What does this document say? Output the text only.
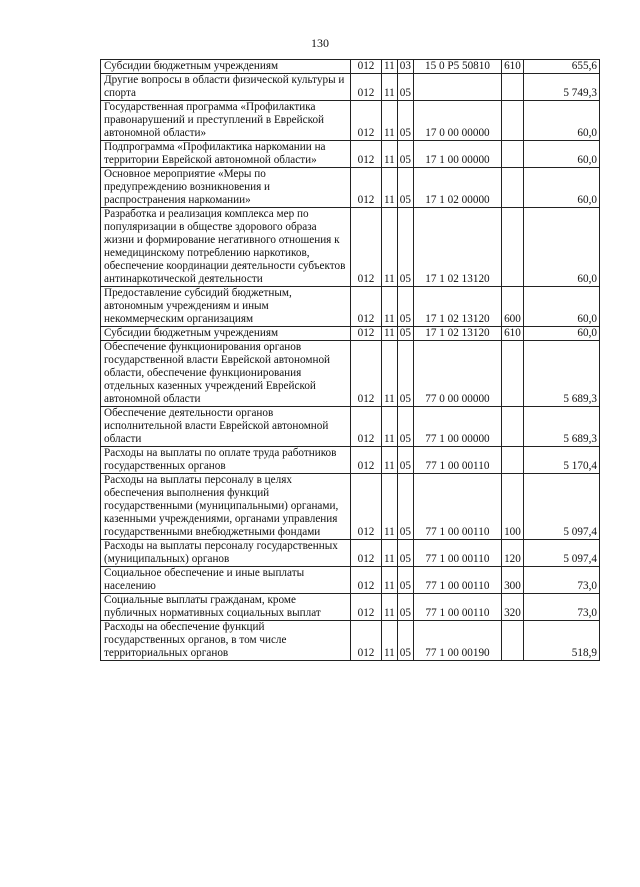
130
Субсидии бюджетным учреждениям	012	11	03	15 0 P5 50810	610	655,6
Другие вопросы в области физической культуры и спорта	012	11	05			5 749,3
Государственная программа «Профилактика правонарушений и преступлений в Еврейской автономной области»	012	11	05	17 0 00 00000		60,0
Подпрограмма «Профилактика наркомании на территории Еврейской автономной области»	012	11	05	17 1 00 00000		60,0
Основное мероприятие «Меры по предупреждению возникновения и распространения наркомании»	012	11	05	17 1 02 00000		60,0
Разработка и реализация комплекса мер по популяризации в обществе здорового образа жизни и формирование негативного отношения к немедицинскому потреблению наркотиков, обеспечение координации деятельности субъектов антинаркотической деятельности	012	11	05	17 1 02 13120		60,0
Предоставление субсидий бюджетным, автономным учреждениям и иным некоммерческим организациям	012	11	05	17 1 02 13120	600	60,0
Субсидии бюджетным учреждениям	012	11	05	17 1 02 13120	610	60,0
Обеспечение функционирования органов государственной власти Еврейской автономной области, обеспечение функционирования отдельных казенных учреждений Еврейской автономной области	012	11	05	77 0 00 00000		5 689,3
Обеспечение деятельности органов исполнительной власти Еврейской автономной области	012	11	05	77 1 00 00000		5 689,3
Расходы на выплаты по оплате труда работников государственных органов	012	11	05	77 1 00 00110		5 170,4
Расходы на выплаты персоналу в целях обеспечения выполнения функций государственными (муниципальными) органами, казенными учреждениями, органами управления государственными внебюджетными фондами	012	11	05	77 1 00 00110	100	5 097,4
Расходы на выплаты персоналу государственных (муниципальных) органов	012	11	05	77 1 00 00110	120	5 097,4
Социальное обеспечение и иные выплаты населению	012	11	05	77 1 00 00110	300	73,0
Социальные выплаты гражданам, кроме публичных нормативных социальных выплат	012	11	05	77 1 00 00110	320	73,0
Расходы на обеспечение функций государственных органов, в том числе территориальных органов	012	11	05	77 1 00 00190		518,9
